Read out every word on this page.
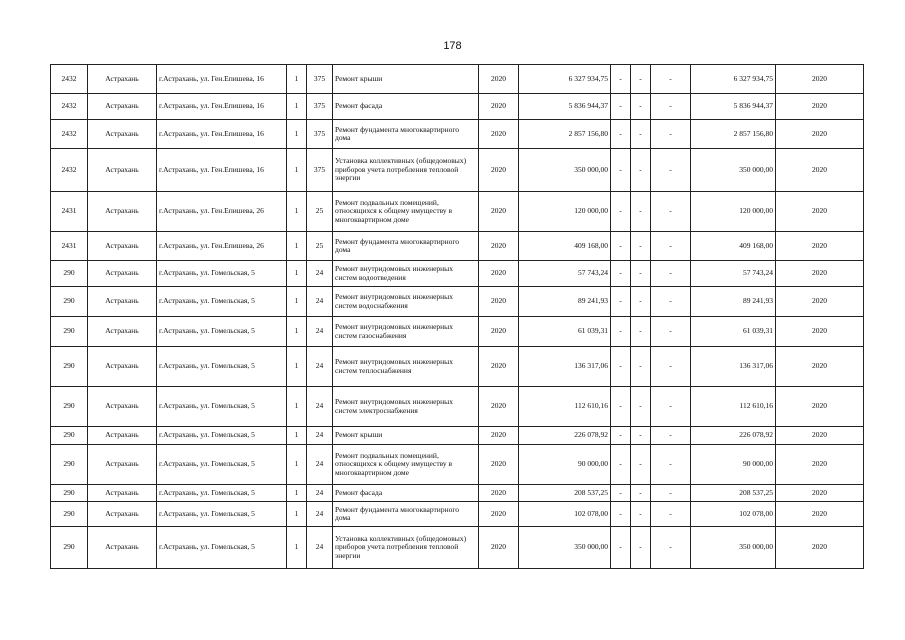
178
2432	Астрахань	г.Астрахань, ул. Ген.Епишева, 16	1	375	Ремонт крыши	2020	6 327 934,75	-	-	-	6 327 934,75	2020
2432	Астрахань	г.Астрахань, ул. Ген.Епишева, 16	1	375	Ремонт фасада	2020	5 836 944,37	-	-	-	5 836 944,37	2020
2432	Астрахань	г.Астрахань, ул. Ген.Епишева, 16	1	375	Ремонт фундамента многоквартирного дома	2020	2 857 156,80	-	-	-	2 857 156,80	2020
2432	Астрахань	г.Астрахань, ул. Ген.Епишева, 16	1	375	Установка коллективных (общедомовых) приборов учета потребления тепловой энергии	2020	350 000,00	-	-	-	350 000,00	2020
2431	Астрахань	г.Астрахань, ул. Ген.Епишева, 26	1	25	Ремонт подвальных помещений, относящихся к общему имуществу в многоквартирном доме	2020	120 000,00	-	-	-	120 000,00	2020
2431	Астрахань	г.Астрахань, ул. Ген.Епишева, 26	1	25	Ремонт фундамента многоквартирного дома	2020	409 168,00	-	-	-	409 168,00	2020
290	Астрахань	г.Астрахань, ул. Гомельская, 5	1	24	Ремонт внутридомовых инженерных систем водоотведения	2020	57 743,24	-	-	-	57 743,24	2020
290	Астрахань	г.Астрахань, ул. Гомельская, 5	1	24	Ремонт внутридомовых инженерных систем водоснабжения	2020	89 241,93	-	-	-	89 241,93	2020
290	Астрахань	г.Астрахань, ул. Гомельская, 5	1	24	Ремонт внутридомовых инженерных систем газоснабжения	2020	61 039,31	-	-	-	61 039,31	2020
290	Астрахань	г.Астрахань, ул. Гомельская, 5	1	24	Ремонт внутридомовых инженерных систем теплоснабжения	2020	136 317,06	-	-	-	136 317,06	2020
290	Астрахань	г.Астрахань, ул. Гомельская, 5	1	24	Ремонт внутридомовых инженерных систем электроснабжения	2020	112 610,16	-	-	-	112 610,16	2020
290	Астрахань	г.Астрахань, ул. Гомельская, 5	1	24	Ремонт крыши	2020	226 078,92	-	-	-	226 078,92	2020
290	Астрахань	г.Астрахань, ул. Гомельская, 5	1	24	Ремонт подвальных помещений, относящихся к общему имуществу в многоквартирном доме	2020	90 000,00	-	-	-	90 000,00	2020
290	Астрахань	г.Астрахань, ул. Гомельская, 5	1	24	Ремонт фасада	2020	208 537,25	-	-	-	208 537,25	2020
290	Астрахань	г.Астрахань, ул. Гомельская, 5	1	24	Ремонт фундамента многоквартирного дома	2020	102 078,00	-	-	-	102 078,00	2020
290	Астрахань	г.Астрахань, ул. Гомельская, 5	1	24	Установка коллективных (общедомовых) приборов учета потребления тепловой энергии	2020	350 000,00	-	-	-	350 000,00	2020
